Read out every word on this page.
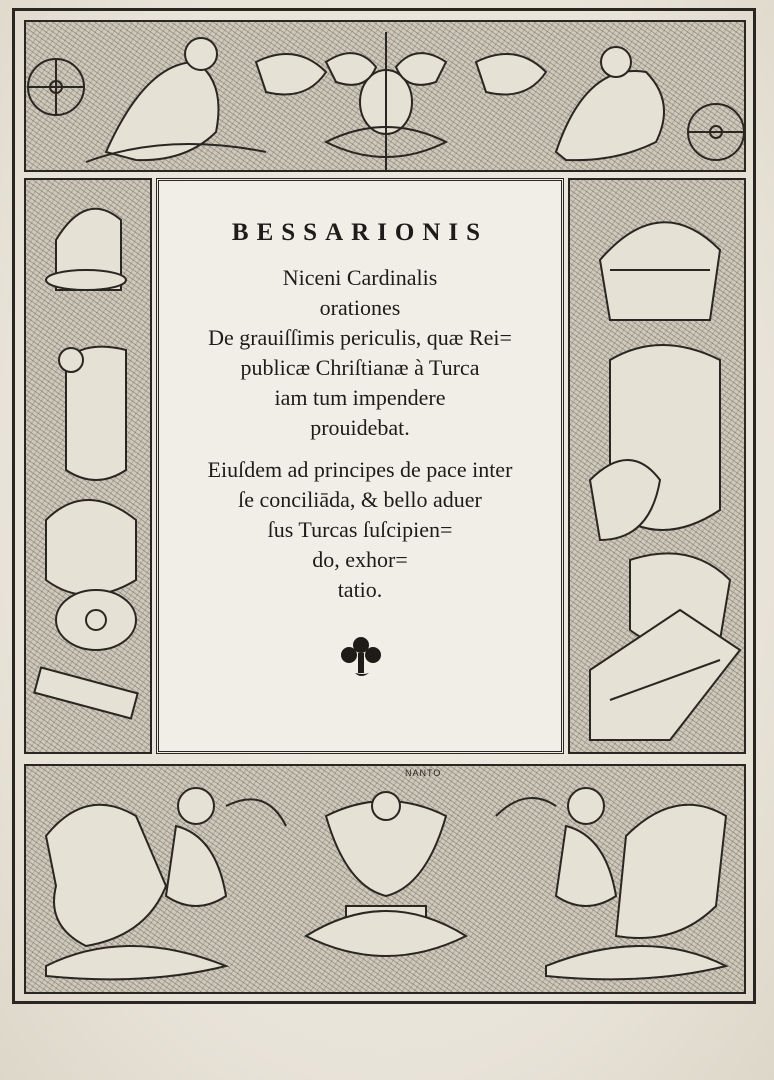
BESSARIONIS
Niceni Cardinalis
orationes
De grauiſſimis periculis, quæ Rei=
publicæ Chriſtianæ à Turca
iam tum impendere
prouidebat.
Eiuſdem ad principes de pace inter
ſe conciliāda, & bello aduer
ſus Turcas ſuſcipien=
do, exhor=
tatio.
NANTO
